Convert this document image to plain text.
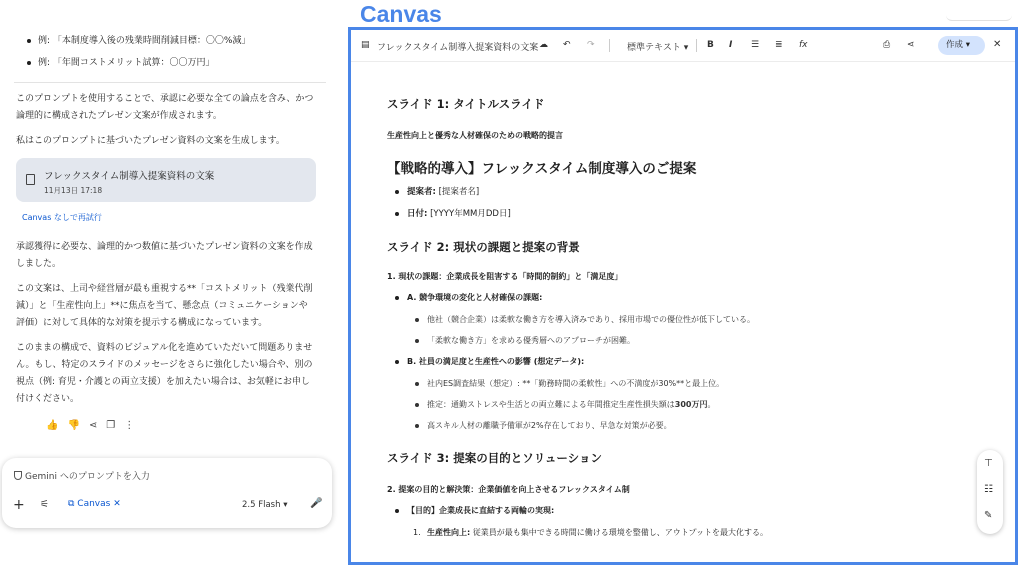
例: 「本制度導入後の残業時間削減目標：〇〇%減」
例: 「年間コストメリット試算：〇〇万円」

このプロンプトを使用することで、承認に必要な全ての論点を含み、かつ論理的に構成されたプレゼン文案が作成されます。

私はこのプロンプトに基づいたプレゼン資料の文案を生成します。

フレックスタイム制導入提案資料の文案
11月13日 17:18
Canvas なしで再試行

承認獲得に必要な、論理的かつ数値に基づいたプレゼン資料の文案を作成しました。

この文案は、上司や経営層が最も重視する**「コストメリット（残業代削減）」と「生産性向上」**に焦点を当て、懸念点（コミュニケーションや評価）に対して具体的な対策を提示する構成になっています。

このままの構成で、資料のビジュアル化を進めていただいて問題ありません。もし、特定のスライドのメッセージをさらに強化したい場合や、別の視点（例: 育児・介護との両立支援）を加えたい場合は、お気軽にお申し付けください。

👍 👎 ⋖ ❐ ⋮
Gemini へのプロンプトを入力
+ ⚟ ⧉ Canvas ✕	2.5 Flash ▾ 🎤
Canvas
▤ フレックスタイム制導入提案資料の文案 ☁ ↶ ↷	標準テキスト ▾ B I ☰ ≣ fx	⎙ ⋖	作成 ▾	✕
スライド 1: タイトルスライド
生産性向上と優秀な人材確保のための戦略的提言
【戦略的導入】フレックスタイム制度導入のご提案
提案者: [提案者名]
日付: [YYYY年MM月DD日]
スライド 2: 現状の課題と提案の背景
1. 現状の課題：企業成長を阻害する「時間的制約」と「満足度」
A. 競争環境の変化と人材確保の課題:
他社（競合企業）は柔軟な働き方を導入済みであり、採用市場での優位性が低下している。
「柔軟な働き方」を求める優秀層へのアプローチが困難。
B. 社員の満足度と生産性への影響 (想定データ):
社内ES調査結果（想定）: **「勤務時間の柔軟性」への不満度が30%**と最上位。
推定：通勤ストレスや生活との両立難による年間推定生産性損失額は300万円。
高スキル人材の離職予備軍が2%存在しており、早急な対策が必要。
スライド 3: 提案の目的とソリューション
2. 提案の目的と解決策：企業価値を向上させるフレックスタイム制
【目的】企業成長に直結する両輪の実現:
1. 生産性向上: 従業員が最も集中できる時間に働ける環境を整備し、アウトプットを最大化する。
⊤
☷
✎
